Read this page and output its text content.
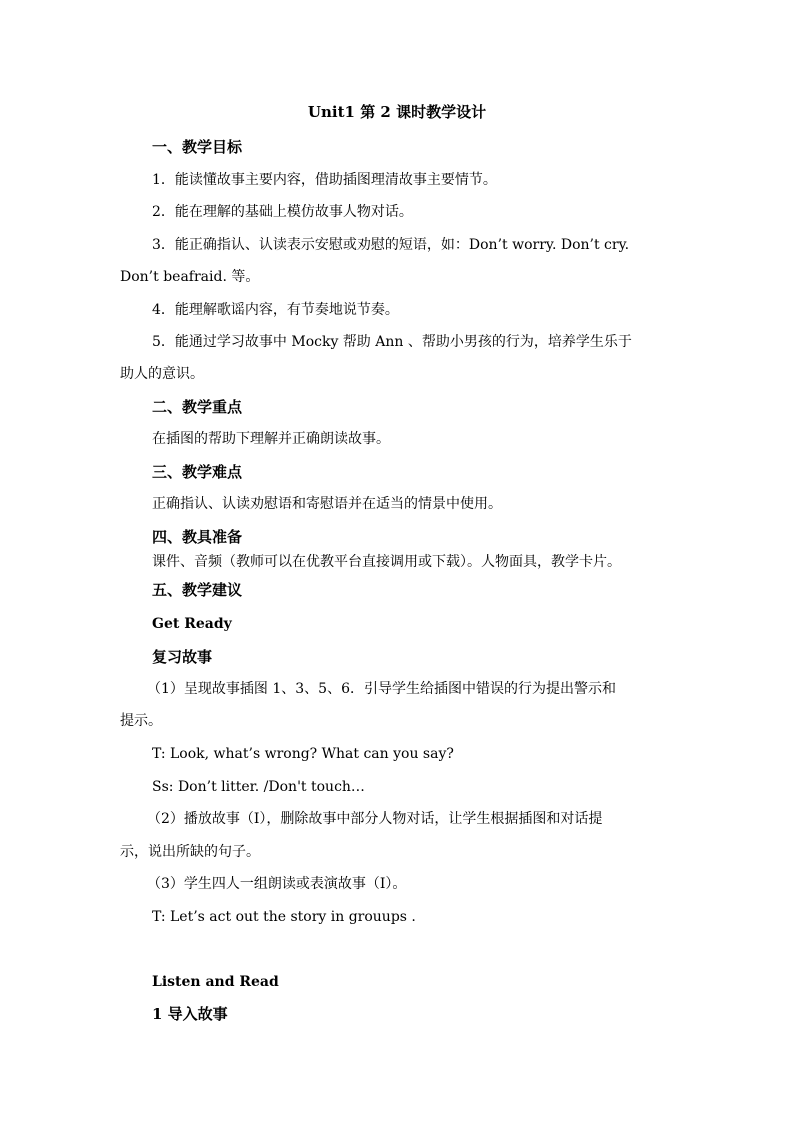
Unit1 第 2 课时教学设计
一、教学目标
1．能读懂故事主要内容，借助插图理清故事主要情节。
2．能在理解的基础上模仿故事人物对话。
3．能正确指认、认读表示安慰或劝慰的短语，如：Don’t worry. Don’t cry.
Don’t beafraid. 等。
4．能理解歌谣内容，有节奏地说节奏。
5．能通过学习故事中 Mocky 帮助 Ann 、帮助小男孩的行为，培养学生乐于
助人的意识。
二、教学重点
在插图的帮助下理解并正确朗读故事。
三、教学难点
正确指认、认读劝慰语和寄慰语并在适当的情景中使用。
四、教具准备
课件、音频（教师可以在优教平台直接调用或下载）。人物面具，教学卡片。
五、教学建议
Get Ready
复习故事
（1）呈现故事插图 1、3、5、6．引导学生给插图中错误的行为提出警示和
提示。
T: Look, what’s wrong? What can you say?
Ss: Don’t litter. /Don't touch…
（2）播放故事（I），删除故事中部分人物对话，让学生根据插图和对话提
示，说出所缺的句子。
（3）学生四人一组朗读或表演故事（I）。
T: Let’s act out the story in grouups .
Listen and Read
1 导入故事
